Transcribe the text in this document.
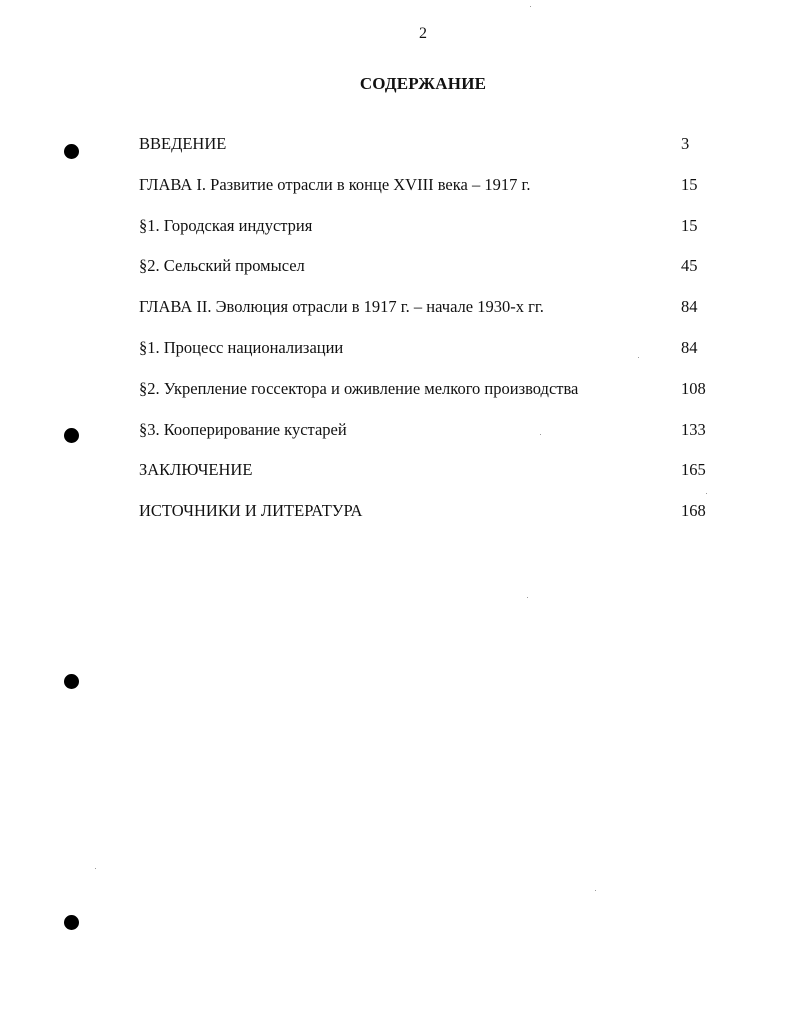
2
СОДЕРЖАНИЕ
ВВЕДЕНИЕ	3
ГЛАВА I. Развитие отрасли в конце XVIII века – 1917 г.	15
§1. Городская индустрия	15
§2. Сельский промысел	45
ГЛАВА II. Эволюция отрасли в 1917 г. – начале 1930-х гг.	84
§1. Процесс национализации	84
§2. Укрепление госсектора и оживление мелкого производства	108
§3. Кооперирование кустарей	133
ЗАКЛЮЧЕНИЕ	165
ИСТОЧНИКИ И ЛИТЕРАТУРА	168
